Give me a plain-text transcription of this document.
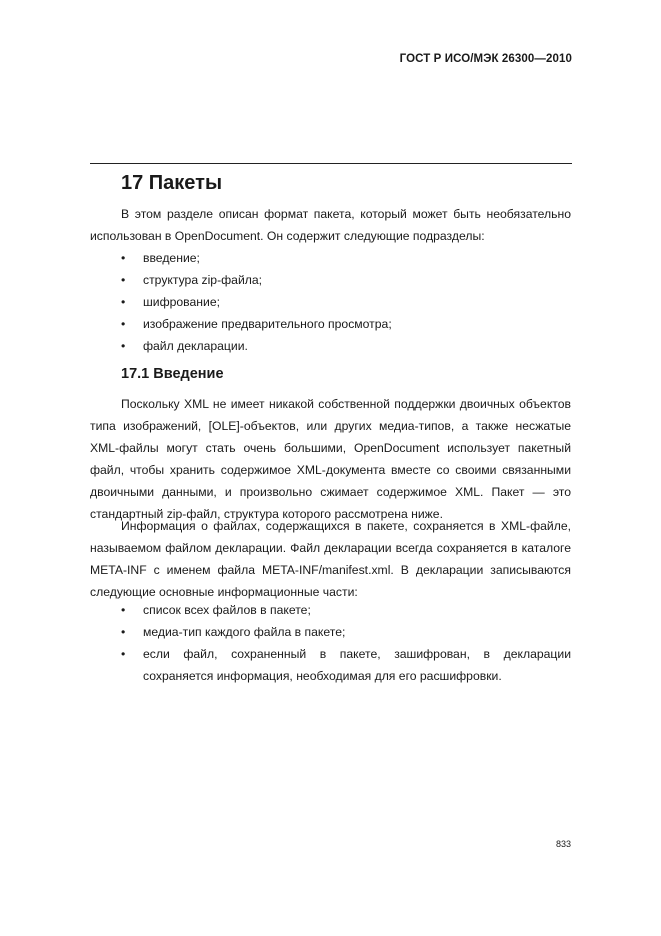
ГОСТ Р ИСО/МЭК 26300—2010
17 Пакеты

В этом разделе описан формат пакета, который может быть необязательно использован в OpenDocument. Он содержит следующие подразделы:

• введение;
• структура zip-файла;
• шифрование;
• изображение предварительного просмотра;
• файл декларации.
17.1 Введение

Поскольку XML не имеет никакой собственной поддержки двоичных объектов типа изображений, [OLE]-объектов, или других медиа-типов, а также несжатые XML-файлы могут стать очень большими, OpenDocument использует пакетный файл, чтобы хранить содержимое XML-документа вместе со своими связанными двоичными данными, и произвольно сжимает содержимое XML. Пакет — это стандартный zip-файл, структура которого рассмотрена ниже.

Информация о файлах, содержащихся в пакете, сохраняется в XML-файле, называемом файлом декларации. Файл декларации всегда сохраняется в каталоге META-INF с именем файла META-INF/manifest.xml. В декларации записываются следующие основные информационные части:

• список всех файлов в пакете;
• медиа-тип каждого файла в пакете;
• если файл, сохраненный в пакете, зашифрован, в декларации сохраняется информация, необходимая для его расшифровки.
833
